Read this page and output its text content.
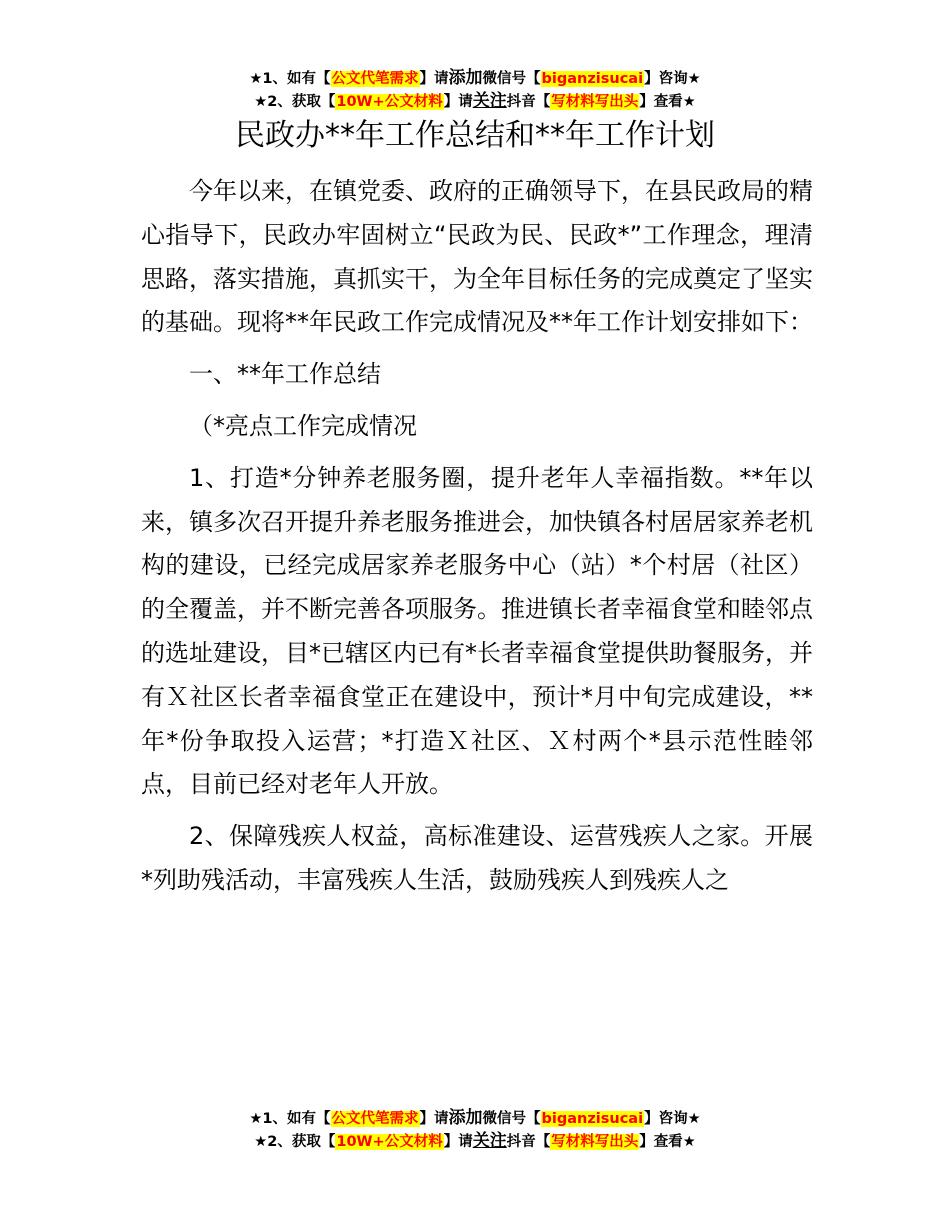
★1、如有【公文代笔需求】请添加微信号【biganzisucai】咨询★
★2、获取【10W+公文材料】请关注抖音【写材料写出头】查看★
民政办**年工作总结和**年工作计划

今年以来，在镇党委、政府的正确领导下，在县民政局的精心指导下，民政办牢固树立“民政为民、民政*”工作理念，理清思路，落实措施，真抓实干，为全年目标任务的完成奠定了坚实的基础。现将**年民政工作完成情况及**年工作计划安排如下：

一、**年工作总结

（*亮点工作完成情况

1、打造*分钟养老服务圈，提升老年人幸福指数。**年以来，镇多次召开提升养老服务推进会，加快镇各村居居家养老机构的建设，已经完成居家养老服务中心（站）*个村居（社区）的全覆盖，并不断完善各项服务。推进镇长者幸福食堂和睦邻点的选址建设，目*已辖区内已有*长者幸福食堂提供助餐服务，并有Ｘ社区长者幸福食堂正在建设中，预计*月中旬完成建设，**年*份争取投入运营；*打造Ｘ社区、Ｘ村两个*县示范性睦邻点，目前已经对老年人开放。

2、保障残疾人权益，高标准建设、运营残疾人之家。开展*列助残活动，丰富残疾人生活，鼓励残疾人到残疾人之

★1、如有【公文代笔需求】请添加微信号【biganzisucai】咨询★
★2、获取【10W+公文材料】请关注抖音【写材料写出头】查看★
